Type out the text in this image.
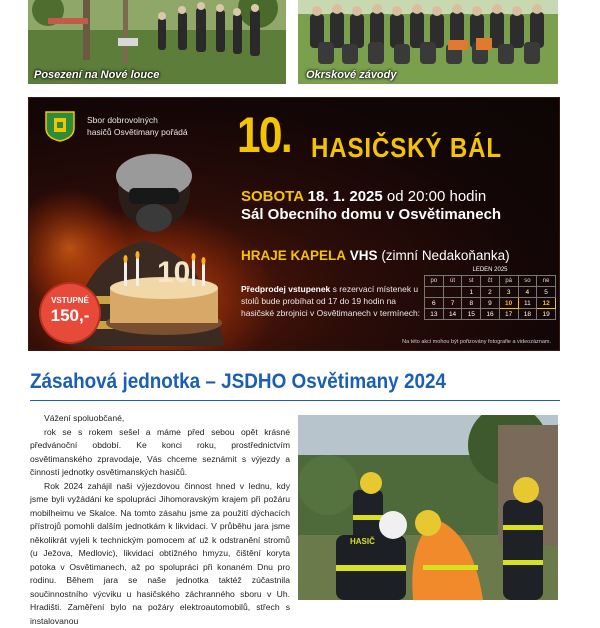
Posezení na Nové louce	Okrskové závody
Sbor dobrovolných
hasičů Osvětimany pořádá
10
VSTUPNÉ
150,-
10. HASIČSKÝ BÁL
SOBOTA 18. 1. 2025 od 20:00 hodin
Sál Obecního domu v Osvětimanech
HRAJE KAPELA VHS (zimní Nedakoňanka)
Předprodej vstupenek s rezervací místenek u stolů bude probíhat od 17 do 19 hodin na hasičské zbrojnici v Osvětimanech v termínech:
LEDEN 2025
po	út	st	čt	pá	so	ne
		1	2	3	4	5
6	7	8	9	10	11	12
13	14	15	16	17	18	19
Na této akci mohou být pořizovány fotografie a videozáznam.
Zásahová jednotka – JSDHO Osvětimany 2024

Vážení spoluobčané,

rok se s rokem sešel a máme před sebou opět krásné předvánoční období. Ke konci roku, prostřednictvím osvětimanského zpravodaje, Vás chceme seznámit s výjezdy a činností jednotky osvětimanských hasičů.

Rok 2024 zahájil naši výjezdovou činnost hned v lednu, kdy jsme byli vyžádáni ke spolupráci Jihomoravským krajem při požáru mobilheimu ve Skalce. Na tomto zásahu jsme za použití dýchacích přístrojů pomohli dalším jednotkám k likvidaci. V průběhu jara jsme několikrát vyjeli k technickým pomocem ať už k odstranění stromů (u Ježova, Medlovic), likvidaci obtížného hmyzu, čištění koryta potoka v Osvětimanech, až po spolupráci při konaném Dnu pro rodinu. Během jara se naše jednotka taktéž zúčastnila součinnostního výcviku u hasičského záchranného sboru v Uh. Hradišti. Zaměření bylo na požáry elektroautomobilů, střech s instalovanou

HASIČ
